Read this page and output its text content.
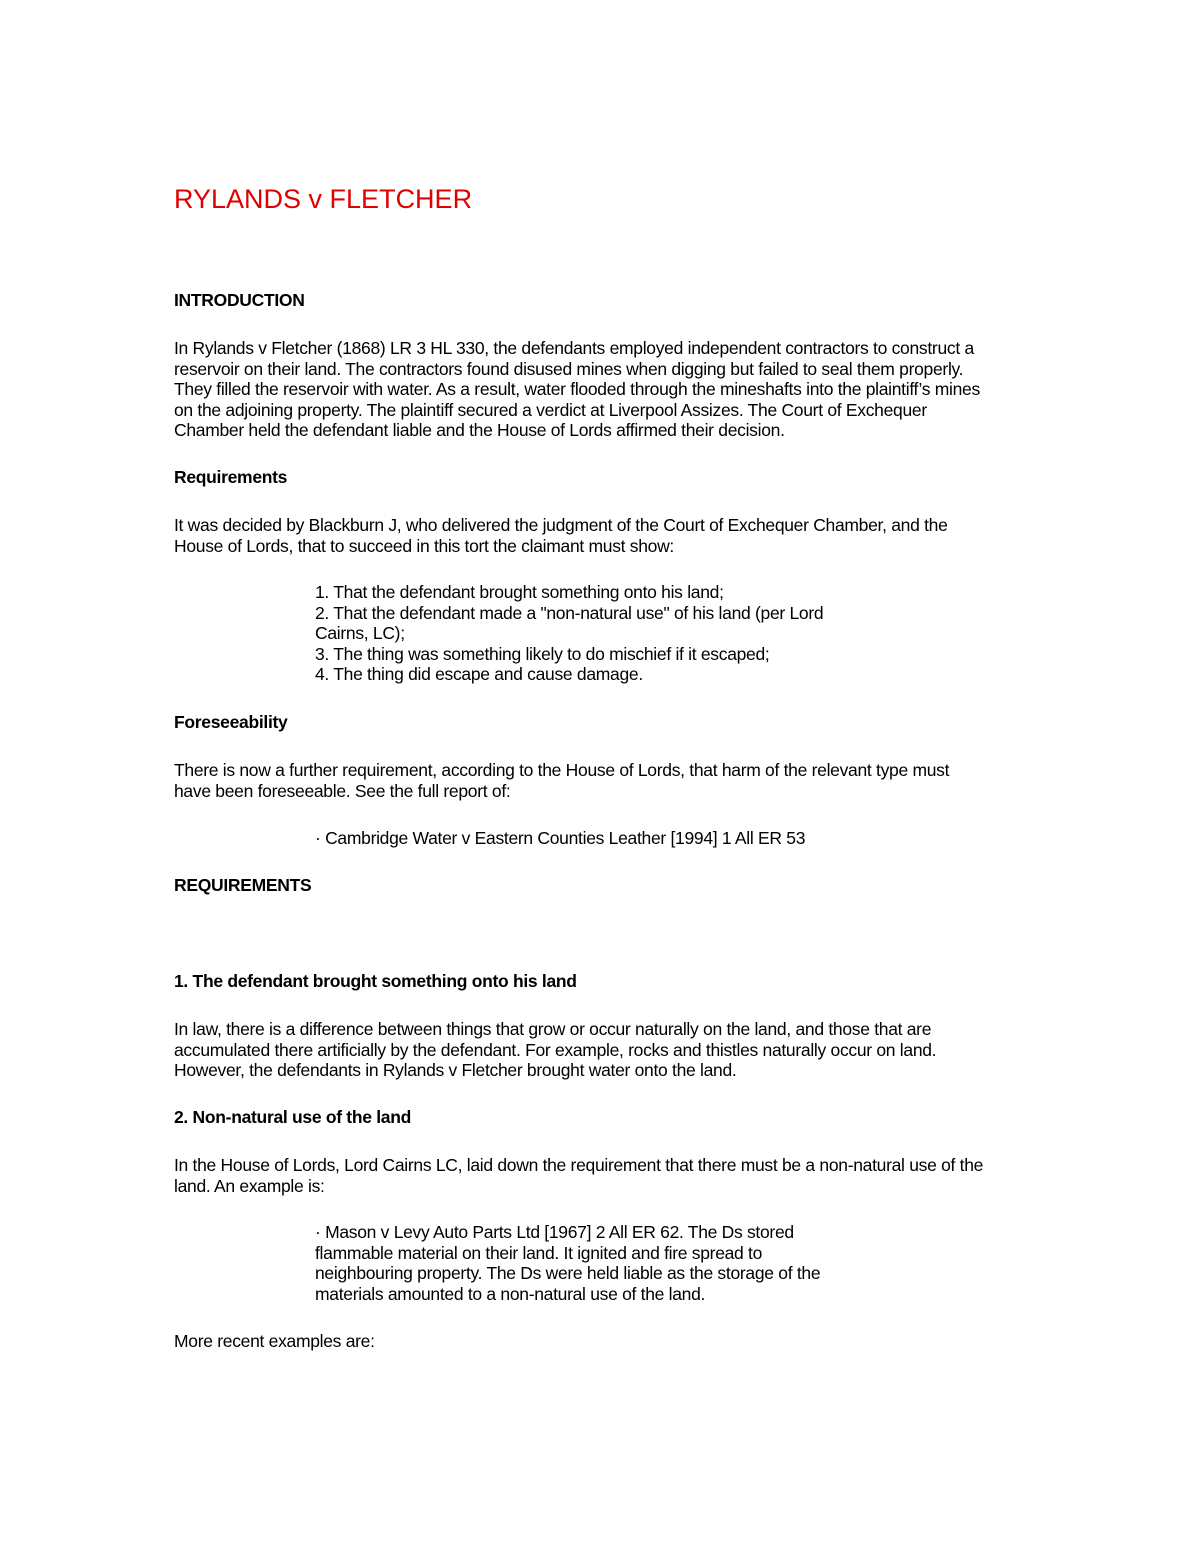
RYLANDS v FLETCHER

INTRODUCTION

In Rylands v Fletcher (1868) LR 3 HL 330, the defendants employed independent contractors to construct a
reservoir on their land. The contractors found disused mines when digging but failed to seal them properly.
They filled the reservoir with water. As a result, water flooded through the mineshafts into the plaintiff’s mines
on the adjoining property. The plaintiff secured a verdict at Liverpool Assizes. The Court of Exchequer
Chamber held the defendant liable and the House of Lords affirmed their decision.

Requirements

It was decided by Blackburn J, who delivered the judgment of the Court of Exchequer Chamber, and the
House of Lords, that to succeed in this tort the claimant must show:

1. That the defendant brought something onto his land;
2. That the defendant made a "non-natural use" of his land (per Lord
Cairns, LC);
3. The thing was something likely to do mischief if it escaped;
4. The thing did escape and cause damage.

Foreseeability

There is now a further requirement, according to the House of Lords, that harm of the relevant type must
have been foreseeable. See the full report of:

· Cambridge Water v Eastern Counties Leather [1994] 1 All ER 53

REQUIREMENTS

1. The defendant brought something onto his land

In law, there is a difference between things that grow or occur naturally on the land, and those that are
accumulated there artificially by the defendant. For example, rocks and thistles naturally occur on land.
However, the defendants in Rylands v Fletcher brought water onto the land.

2. Non-natural use of the land

In the House of Lords, Lord Cairns LC, laid down the requirement that there must be a non-natural use of the
land. An example is:

· Mason v Levy Auto Parts Ltd [1967] 2 All ER 62. The Ds stored
flammable material on their land. It ignited and fire spread to
neighbouring property. The Ds were held liable as the storage of the
materials amounted to a non-natural use of the land.

More recent examples are:
